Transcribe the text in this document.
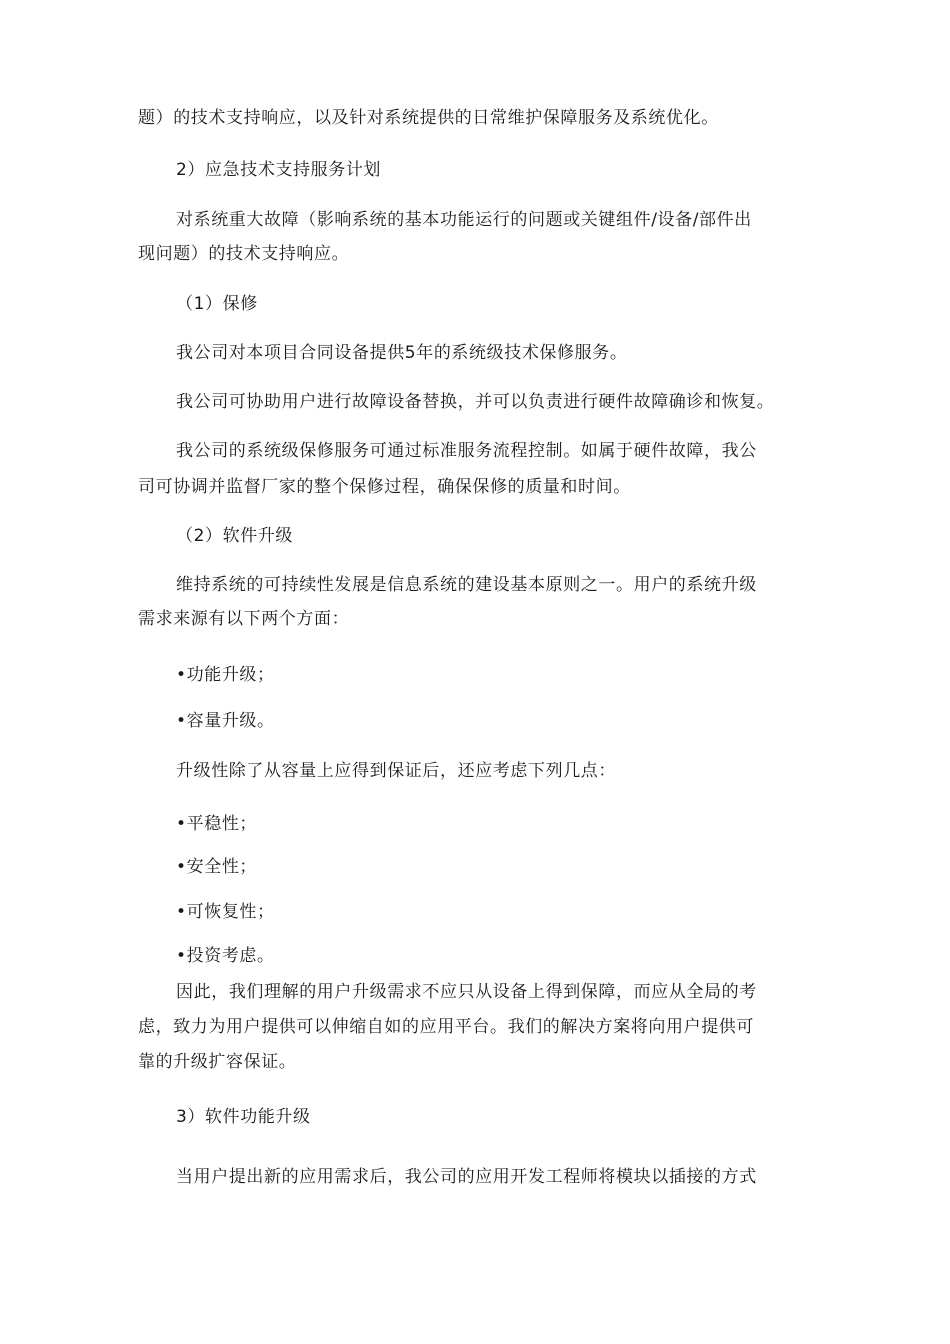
题）的技术支持响应，以及针对系统提供的日常维护保障服务及系统优化。

2）应急技术支持服务计划

对系统重大故障（影响系统的基本功能运行的问题或关键组件/设备/部件出

现问题）的技术支持响应。

（1）保修

我公司对本项目合同设备提供5年的系统级技术保修服务。

我公司可协助用户进行故障设备替换，并可以负责进行硬件故障确诊和恢复。

我公司的系统级保修服务可通过标准服务流程控制。如属于硬件故障，我公

司可协调并监督厂家的整个保修过程，确保保修的质量和时间。

（2）软件升级

维持系统的可持续性发展是信息系统的建设基本原则之一。用户的系统升级

需求来源有以下两个方面：

•功能升级；

•容量升级。

升级性除了从容量上应得到保证后，还应考虑下列几点：

•平稳性；

•安全性；

•可恢复性；

•投资考虑。

因此，我们理解的用户升级需求不应只从设备上得到保障，而应从全局的考

虑，致力为用户提供可以伸缩自如的应用平台。我们的解决方案将向用户提供可

靠的升级扩容保证。

3）软件功能升级

当用户提出新的应用需求后，我公司的应用开发工程师将模块以插接的方式
